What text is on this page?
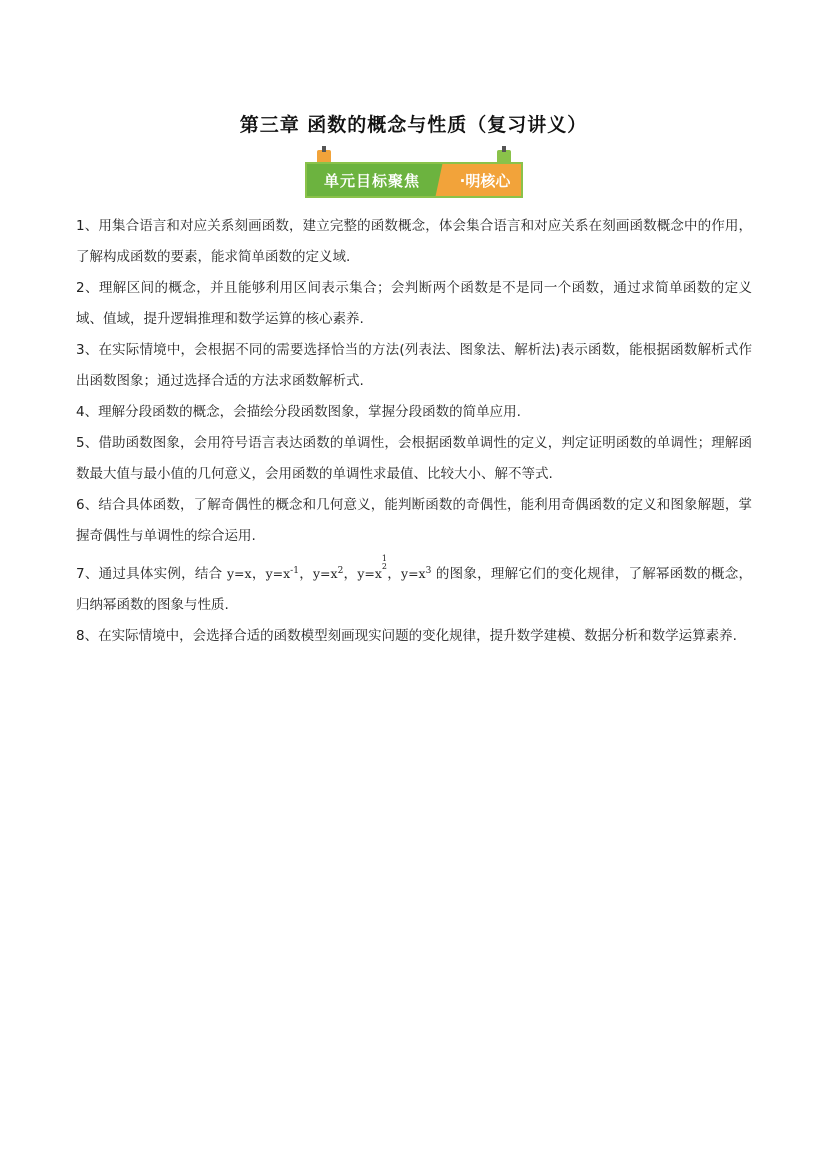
第三章 函数的概念与性质（复习讲义）
单元目标聚焦	·明核心

1、用集合语言和对应关系刻画函数，建立完整的函数概念，体会集合语言和对应关系在刻画函数概念中的作用，了解构成函数的要素，能求简单函数的定义域.

2、理解区间的概念，并且能够利用区间表示集合；会判断两个函数是不是同一个函数，通过求简单函数的定义域、值域，提升逻辑推理和数学运算的核心素养.

3、在实际情境中，会根据不同的需要选择恰当的方法(列表法、图象法、解析法)表示函数，能根据函数解析式作出函数图象；通过选择合适的方法求函数解析式.

4、理解分段函数的概念，会描绘分段函数图象，掌握分段函数的简单应用.

5、借助函数图象，会用符号语言表达函数的单调性，会根据函数单调性的定义，判定证明函数的单调性；理解函数最大值与最小值的几何意义，会用函数的单调性求最值、比较大小、解不等式.

6、结合具体函数，了解奇偶性的概念和几何意义，能判断函数的奇偶性，能利用奇偶函数的定义和图象解题，掌握奇偶性与单调性的综合运用.

7、通过具体实例，结合 y=x，$y=x^{-1}$，$y=x^2$，$y=x^{1 2}$，$y=x^3$ 的图象，理解它们的变化规律，了解幂函数的概念，归纳幂函数的图象与性质.

8、在实际情境中，会选择合适的函数模型刻画现实问题的变化规律，提升数学建模、数据分析和数学运算素养.
